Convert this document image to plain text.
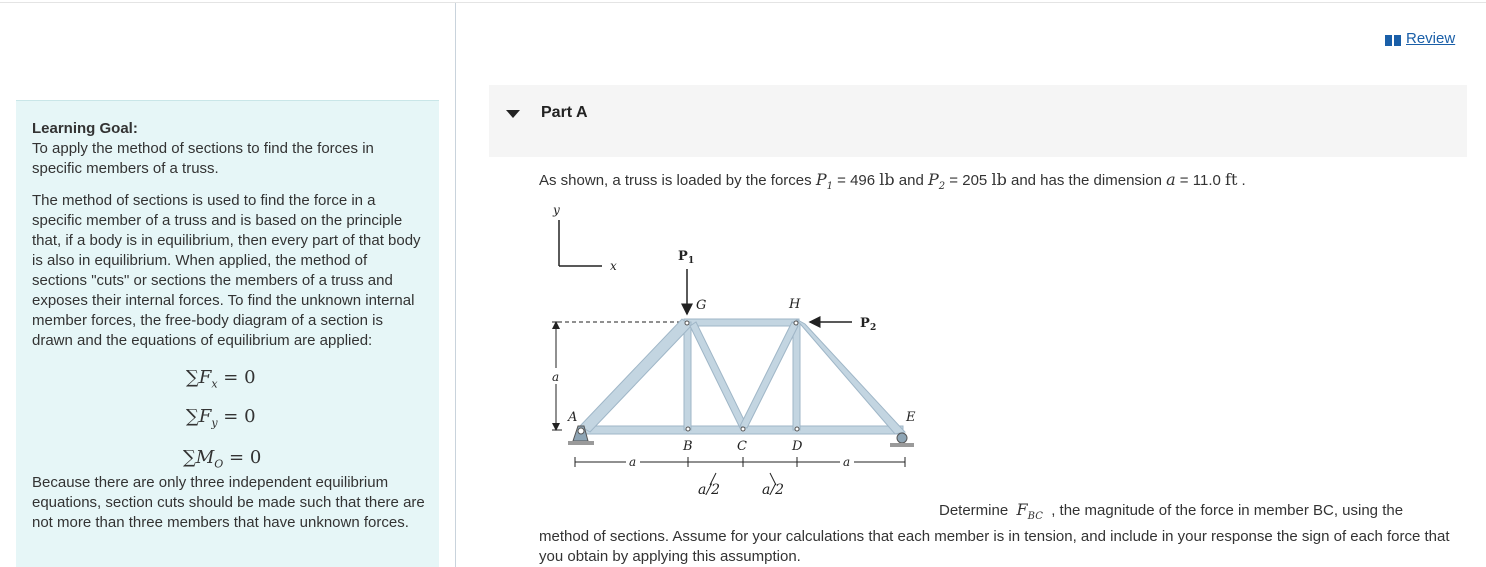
Learning Goal:
To apply the method of sections to find the forces in specific members of a truss.
The method of sections is used to find the force in a specific member of a truss and is based on the principle that, if a body is in equilibrium, then every part of that body is also in equilibrium. When applied, the method of sections "cuts" or sections the members of a truss and exposes their internal forces. To find the unknown internal member forces, the free-body diagram of a section is drawn and the equations of equilibrium are applied:
$\sum F_x = 0$
$\sum F_y = 0$
$\sum M_O = 0$
Because there are only three independent equilibrium equations, section cuts should be made such that there are not more than three members that have unknown forces.
Review
Part A
As shown, a truss is loaded by the forces $P_1 = 496$ lb and $P_2 = 205$ lb and has the dimension a = 11.0 ft .
y
x
a
P 1
P 2
G	H
A	E
B	C	D
a	a
a/2	a/2
Determine $F_{BC}$ , the magnitude of the force in member BC, using the method of sections. Assume for your calculations that each member is in tension, and include in your response the sign of each force that you obtain by applying this assumption.
